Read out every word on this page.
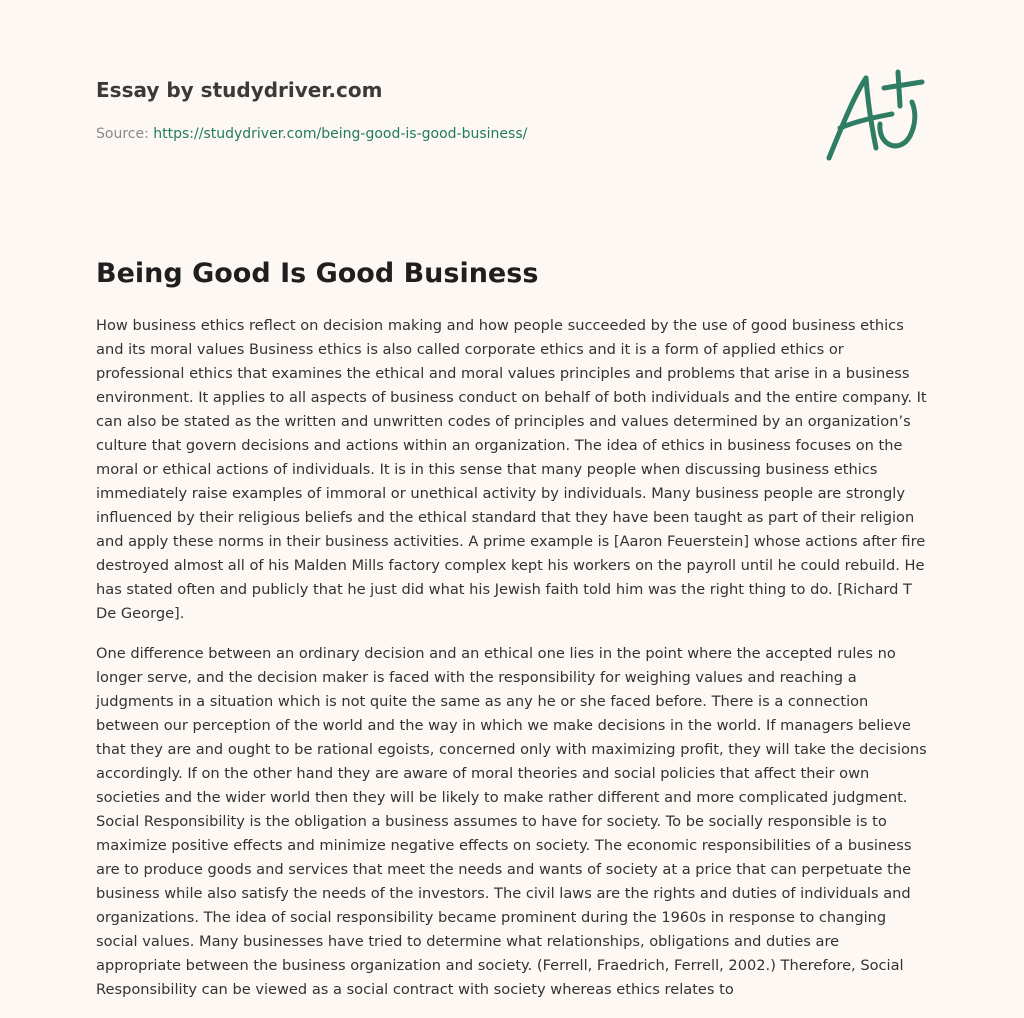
Essay by studydriver.com
Source: https://studydriver.com/being-good-is-good-business/
Being Good Is Good Business

How business ethics reflect on decision making and how people succeeded by the use of good business ethics and its moral values Business ethics is also called corporate ethics and it is a form of applied ethics or professional ethics that examines the ethical and moral values principles and problems that arise in a business environment. It applies to all aspects of business conduct on behalf of both individuals and the entire company. It can also be stated as the written and unwritten codes of principles and values determined by an organization’s culture that govern decisions and actions within an organization. The idea of ethics in business focuses on the moral or ethical actions of individuals. It is in this sense that many people when discussing business ethics immediately raise examples of immoral or unethical activity by individuals. Many business people are strongly influenced by their religious beliefs and the ethical standard that they have been taught as part of their religion and apply these norms in their business activities. A prime example is [Aaron Feuerstein] whose actions after fire destroyed almost all of his Malden Mills factory complex kept his workers on the payroll until he could rebuild. He has stated often and publicly that he just did what his Jewish faith told him was the right thing to do. [Richard T De George].

One difference between an ordinary decision and an ethical one lies in the point where the accepted rules no longer serve, and the decision maker is faced with the responsibility for weighing values and reaching a judgments in a situation which is not quite the same as any he or she faced before. There is a connection between our perception of the world and the way in which we make decisions in the world. If managers believe that they are and ought to be rational egoists, concerned only with maximizing profit, they will take the decisions accordingly. If on the other hand they are aware of moral theories and social policies that affect their own societies and the wider world then they will be likely to make rather different and more complicated judgment. Social Responsibility is the obligation a business assumes to have for society. To be socially responsible is to maximize positive effects and minimize negative effects on society. The economic responsibilities of a business are to produce goods and services that meet the needs and wants of society at a price that can perpetuate the business while also satisfy the needs of the investors. The civil laws are the rights and duties of individuals and organizations. The idea of social responsibility became prominent during the 1960s in response to changing social values. Many businesses have tried to determine what relationships, obligations and duties are appropriate between the business organization and society. (Ferrell, Fraedrich, Ferrell, 2002.) Therefore, Social Responsibility can be viewed as a social contract with society whereas ethics relates to
